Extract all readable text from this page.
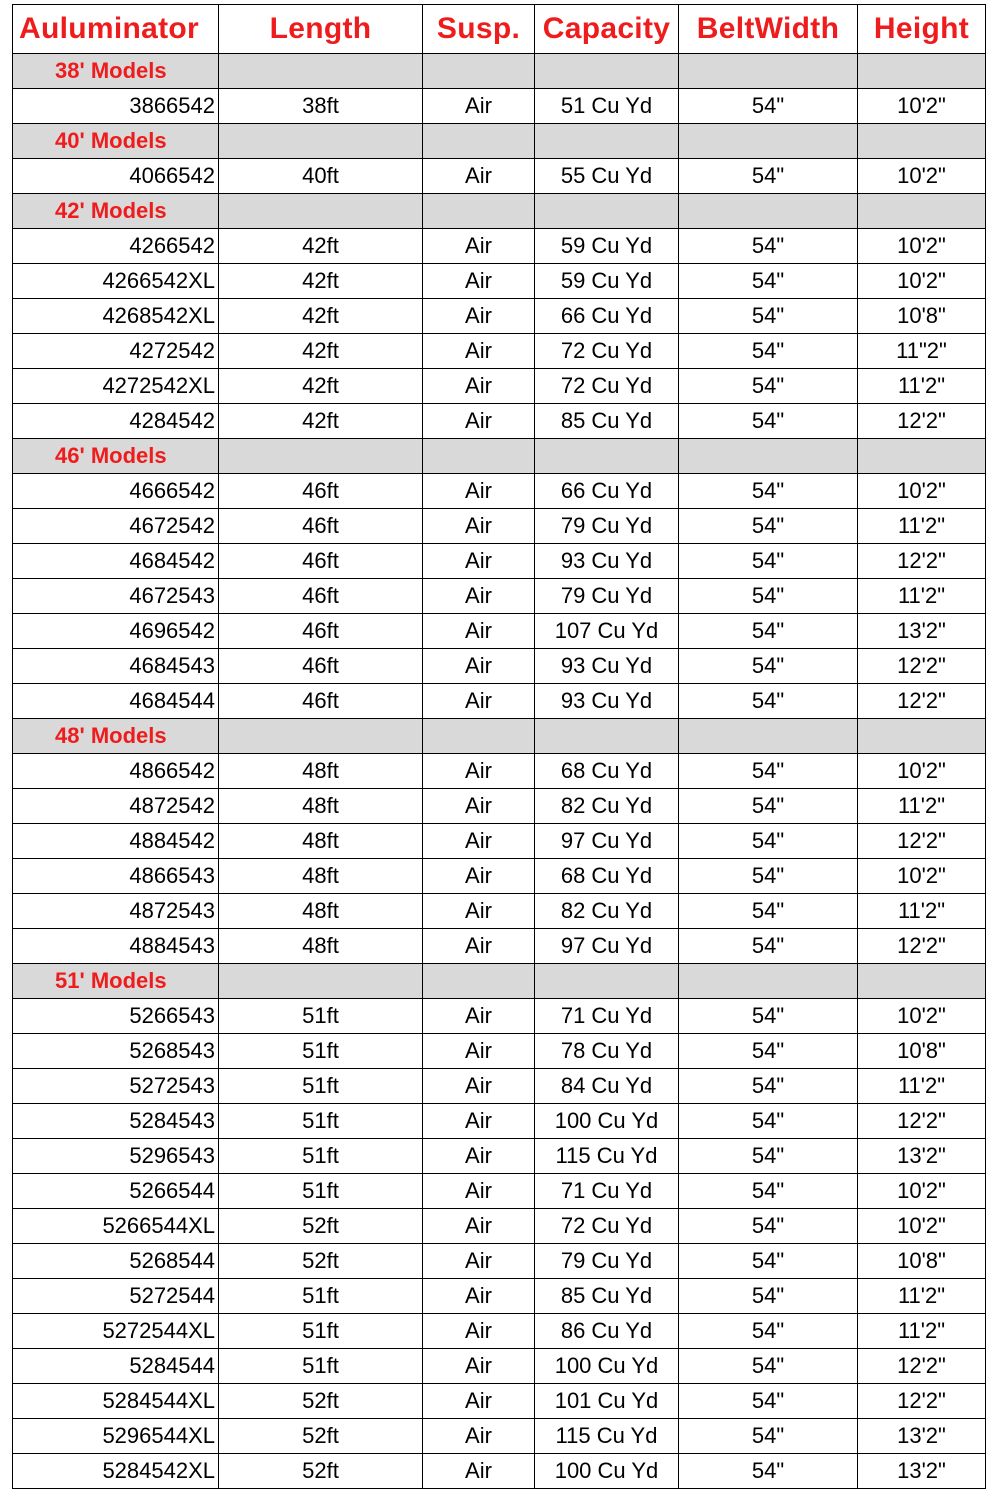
Auluminator	Length	Susp.	Capacity	BeltWidth	Height
38' Models					
3866542	38ft	Air	51 Cu Yd	54"	10'2"
40' Models					
4066542	40ft	Air	55 Cu Yd	54"	10'2"
42' Models					
4266542	42ft	Air	59 Cu Yd	54"	10'2"
4266542XL	42ft	Air	59 Cu Yd	54"	10'2"
4268542XL	42ft	Air	66 Cu Yd	54"	10'8"
4272542	42ft	Air	72 Cu Yd	54"	11"2"
4272542XL	42ft	Air	72 Cu Yd	54"	11'2"
4284542	42ft	Air	85 Cu Yd	54"	12'2"
46' Models					
4666542	46ft	Air	66 Cu Yd	54"	10'2"
4672542	46ft	Air	79 Cu Yd	54"	11'2"
4684542	46ft	Air	93 Cu Yd	54"	12'2"
4672543	46ft	Air	79 Cu Yd	54"	11'2"
4696542	46ft	Air	107 Cu Yd	54"	13'2"
4684543	46ft	Air	93 Cu Yd	54"	12'2"
4684544	46ft	Air	93 Cu Yd	54"	12'2"
48' Models					
4866542	48ft	Air	68 Cu Yd	54"	10'2"
4872542	48ft	Air	82 Cu Yd	54"	11'2"
4884542	48ft	Air	97 Cu Yd	54"	12'2"
4866543	48ft	Air	68 Cu Yd	54"	10'2"
4872543	48ft	Air	82 Cu Yd	54"	11'2"
4884543	48ft	Air	97 Cu Yd	54"	12'2"
51' Models					
5266543	51ft	Air	71 Cu Yd	54"	10'2"
5268543	51ft	Air	78 Cu Yd	54"	10'8"
5272543	51ft	Air	84 Cu Yd	54"	11'2"
5284543	51ft	Air	100 Cu Yd	54"	12'2"
5296543	51ft	Air	115 Cu Yd	54"	13'2"
5266544	51ft	Air	71 Cu Yd	54"	10'2"
5266544XL	52ft	Air	72 Cu Yd	54"	10'2"
5268544	52ft	Air	79 Cu Yd	54"	10'8"
5272544	51ft	Air	85 Cu Yd	54"	11'2"
5272544XL	51ft	Air	86 Cu Yd	54"	11'2"
5284544	51ft	Air	100 Cu Yd	54"	12'2"
5284544XL	52ft	Air	101 Cu Yd	54"	12'2"
5296544XL	52ft	Air	115 Cu Yd	54"	13'2"
5284542XL	52ft	Air	100 Cu Yd	54"	13'2"
